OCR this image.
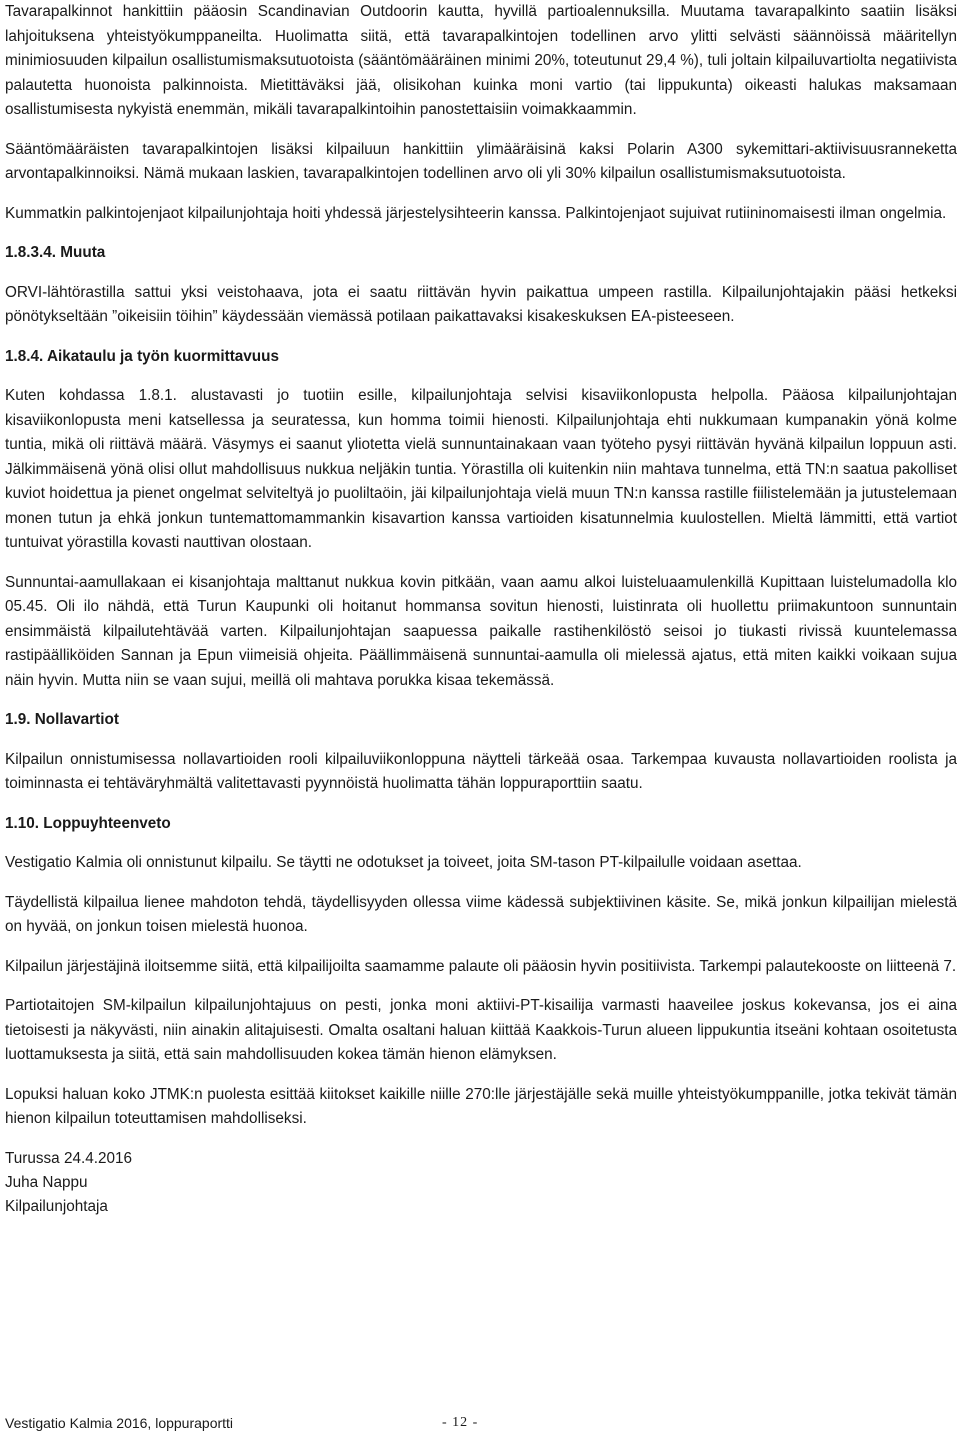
Tavarapalkinnot hankittiin pääosin Scandinavian Outdoorin kautta, hyvillä partioalennuksilla. Muutama tavarapalkinto saatiin lisäksi lahjoituksena yhteistyökumppaneilta. Huolimatta siitä, että tavarapalkintojen todellinen arvo ylitti selvästi säännöissä määritellyn minimiosuuden kilpailun osallistumismaksutuotoista (sääntömääräinen minimi 20%, toteutunut 29,4 %), tuli joltain kilpailuvartiolta negatiivista palautetta huonoista palkinnoista. Mietittäväksi jää, olisikohan kuinka moni vartio (tai lippukunta) oikeasti halukas maksamaan osallistumisesta nykyistä enemmän, mikäli tavarapalkintoihin panostettaisiin voimakkaammin.

Sääntömääräisten tavarapalkintojen lisäksi kilpailuun hankittiin ylimääräisinä kaksi Polarin A300 sykemittari-aktiivisuusranneketta arvontapalkinnoiksi. Nämä mukaan laskien, tavarapalkintojen todellinen arvo oli yli 30% kilpailun osallistumismaksutuotoista.

Kummatkin palkintojenjaot kilpailunjohtaja hoiti yhdessä järjestelysihteerin kanssa. Palkintojenjaot sujuivat rutiininomaisesti ilman ongelmia.

1.8.3.4. Muuta

ORVI-lähtörastilla sattui yksi veistohaava, jota ei saatu riittävän hyvin paikattua umpeen rastilla. Kilpailunjohtajakin pääsi hetkeksi pönötykseltään ”oikeisiin töihin” käydessään viemässä potilaan paikattavaksi kisakeskuksen EA-pisteeseen.

1.8.4. Aikataulu ja työn kuormittavuus

Kuten kohdassa 1.8.1. alustavasti jo tuotiin esille, kilpailunjohtaja selvisi kisaviikonlopusta helpolla. Pääosa kilpailunjohtajan kisaviikonlopusta meni katsellessa ja seuratessa, kun homma toimii hienosti. Kilpailunjohtaja ehti nukkumaan kumpanakin yönä kolme tuntia, mikä oli riittävä määrä. Väsymys ei saanut yliotetta vielä sunnuntainakaan vaan työteho pysyi riittävän hyvänä kilpailun loppuun asti. Jälkimmäisenä yönä olisi ollut mahdollisuus nukkua neljäkin tuntia. Yörastilla oli kuitenkin niin mahtava tunnelma, että TN:n saatua pakolliset kuviot hoidettua ja pienet ongelmat selviteltyä jo puoliltaöin, jäi kilpailunjohtaja vielä muun TN:n kanssa rastille fiilistelemään ja jutustelemaan monen tutun ja ehkä jonkun tuntemattomammankin kisavartion kanssa vartioiden kisatunnelmia kuulostellen. Mieltä lämmitti, että vartiot tuntuivat yörastilla kovasti nauttivan olostaan.

Sunnuntai-aamullakaan ei kisanjohtaja malttanut nukkua kovin pitkään, vaan aamu alkoi luisteluaamulenkillä Kupittaan luistelumadolla klo 05.45. Oli ilo nähdä, että Turun Kaupunki oli hoitanut hommansa sovitun hienosti, luistinrata oli huollettu priimakuntoon sunnuntain ensimmäistä kilpailutehtävää varten. Kilpailunjohtajan saapuessa paikalle rastihenkilöstö seisoi jo tiukasti rivissä kuuntelemassa rastipäälliköiden Sannan ja Epun viimeisiä ohjeita. Päällimmäisenä sunnuntai-aamulla oli mielessä ajatus, että miten kaikki voikaan sujua näin hyvin. Mutta niin se vaan sujui, meillä oli mahtava porukka kisaa tekemässä.

1.9. Nollavartiot

Kilpailun onnistumisessa nollavartioiden rooli kilpailuviikonloppuna näytteli tärkeää osaa. Tarkempaa kuvausta nollavartioiden roolista ja toiminnasta ei tehtäväryhmältä valitettavasti pyynnöistä huolimatta tähän loppuraporttiin saatu.

1.10. Loppuyhteenveto

Vestigatio Kalmia oli onnistunut kilpailu. Se täytti ne odotukset ja toiveet, joita SM-tason PT-kilpailulle voidaan asettaa.

Täydellistä kilpailua lienee mahdoton tehdä, täydellisyyden ollessa viime kädessä subjektiivinen käsite. Se, mikä jonkun kilpailijan mielestä on hyvää, on jonkun toisen mielestä huonoa.

Kilpailun järjestäjinä iloitsemme siitä, että kilpailijoilta saamamme palaute oli pääosin hyvin positiivista. Tarkempi palautekooste on liitteenä 7.

Partiotaitojen SM-kilpailun kilpailunjohtajuus on pesti, jonka moni aktiivi-PT-kisailija varmasti haaveilee joskus kokevansa, jos ei aina tietoisesti ja näkyvästi, niin ainakin alitajuisesti. Omalta osaltani haluan kiittää Kaakkois-Turun alueen lippukuntia itseäni kohtaan osoitetusta luottamuksesta ja siitä, että sain mahdollisuuden kokea tämän hienon elämyksen.

Lopuksi haluan koko JTMK:n puolesta esittää kiitokset kaikille niille 270:lle järjestäjälle sekä muille yhteistyökumppanille, jotka tekivät tämän hienon kilpailun toteuttamisen mahdolliseksi.

Turussa 24.4.2016

Juha Nappu

Kilpailunjohtaja

Vestigatio Kalmia 2016, loppuraportti	- 12 -
